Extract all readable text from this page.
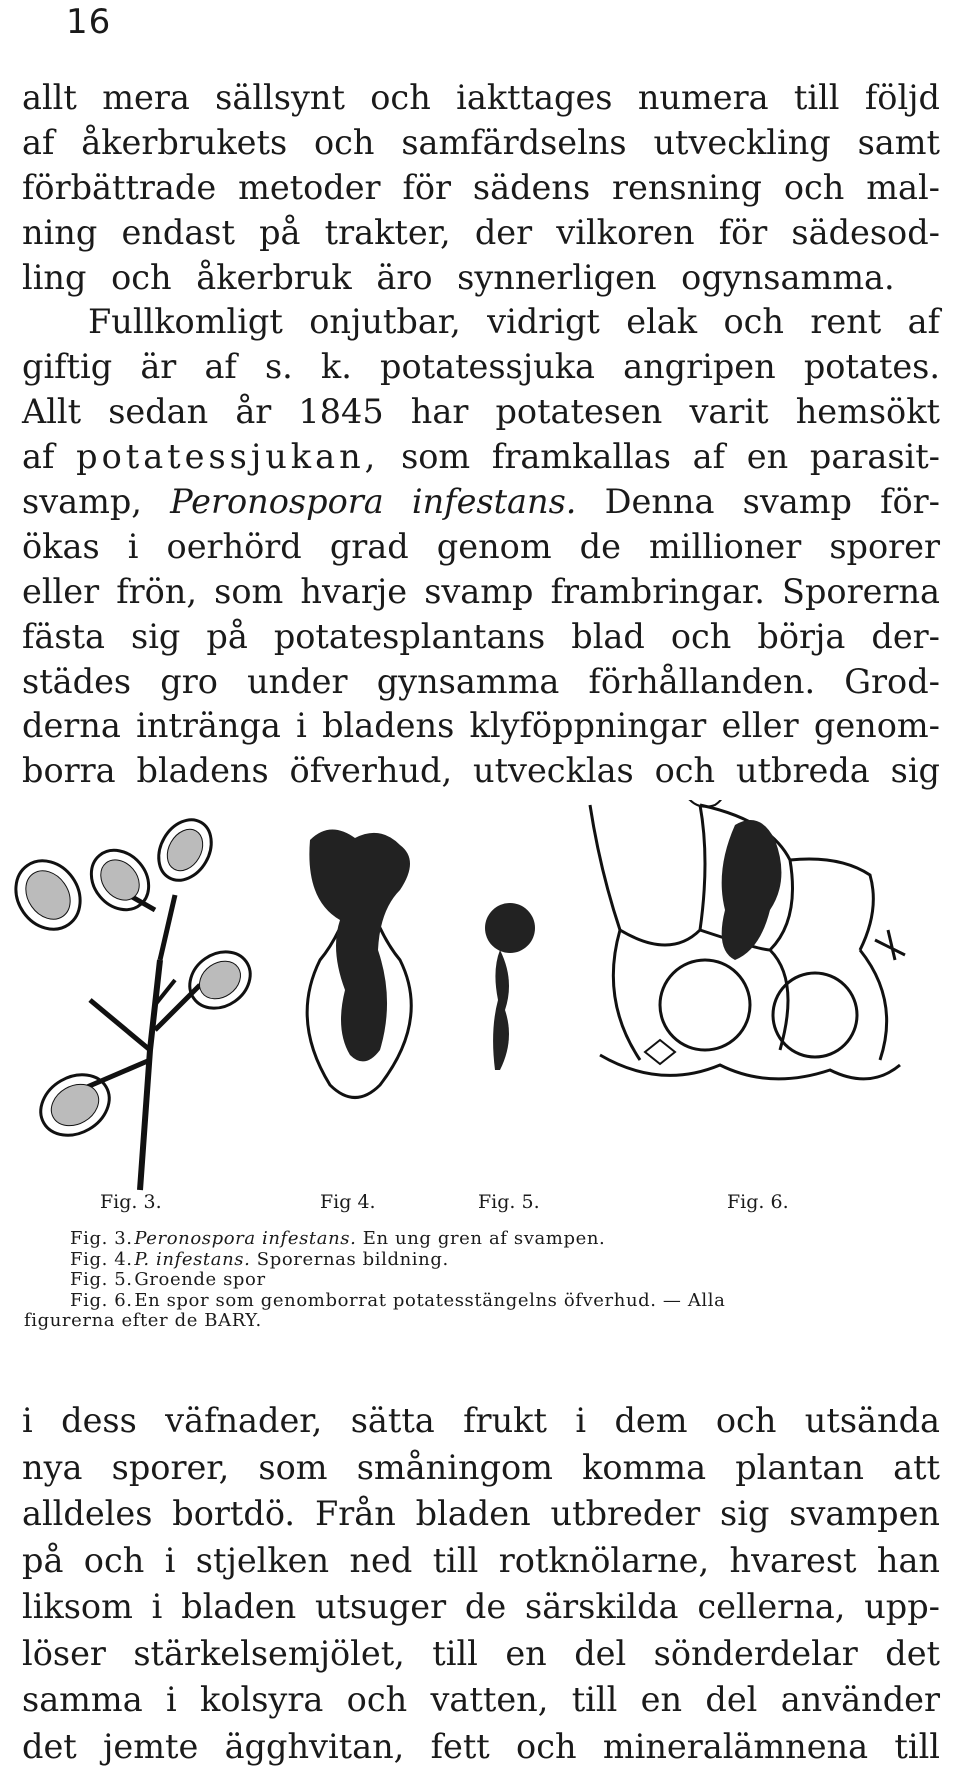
16
allt mera sällsynt och iakttages numera till följd
af åkerbrukets och samfärdselns utveckling samt
förbättrade metoder för sädens rensning och mal-
ning endast på trakter, der vilkoren för sädesod-
ling och åkerbruk äro synnerligen ogynsamma.
Fullkomligt onjutbar, vidrigt elak och rent af
giftig är af s. k. potatessjuka angripen potates.
Allt sedan år 1845 har potatesen varit hemsökt
af potatessjukan, som framkallas af en parasit-
svamp, Peronospora infestans. Denna svamp för-
ökas i oerhörd grad genom de millioner sporer
eller frön, som hvarje svamp frambringar. Sporerna
fästa sig på potatesplantans blad och börja der-
städes gro under gynsamma förhållanden. Grod-
derna intränga i bladens klyföppningar eller genom-
borra bladens öfverhud, utvecklas och utbreda sig
Fig. 3.	Fig 4.	Fig. 5.	Fig. 6.
Fig. 3. Peronospora infestans. En ung gren af svampen.
Fig. 4. P. infestans. Sporernas bildning.
Fig. 5. Groende spor
Fig. 6. En spor som genomborrat potatesstängelns öfverhud. — Alla
figurerna efter de BARY.
i dess väfnader, sätta frukt i dem och utsända
nya sporer, som småningom komma plantan att
alldeles bortdö. Från bladen utbreder sig svampen
på och i stjelken ned till rotknölarne, hvarest han
liksom i bladen utsuger de särskilda cellerna, upp-
löser stärkelsemjölet, till en del sönderdelar det
samma i kolsyra och vatten, till en del använder
det jemte ägghvitan, fett och mineralämnena till
